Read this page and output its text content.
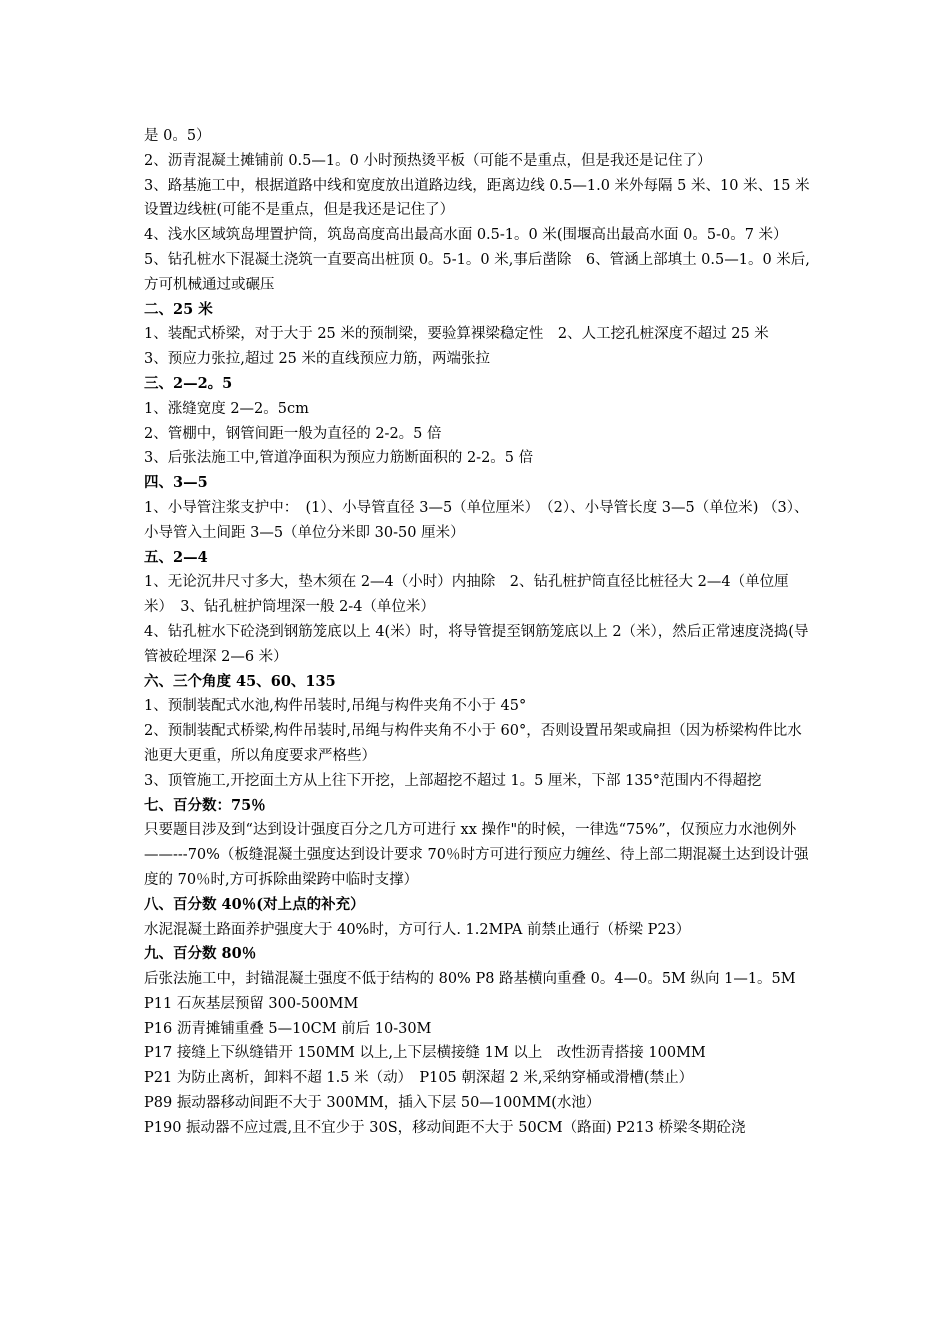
是 0。5）

2、沥青混凝土摊铺前 0.5—1。0 小时预热烫平板（可能不是重点，但是我还是记住了）

3、路基施工中，根据道路中线和宽度放出道路边线，距离边线 0.5—1.0 米外每隔 5 米、10 米、15 米设置边线桩(可能不是重点，但是我还是记住了）

4、浅水区域筑岛埋置护筒，筑岛高度高出最高水面 0.5-1。0 米(围堰高出最高水面 0。5-0。7 米）

5、钻孔桩水下混凝土浇筑一直要高出桩顶 0。5-1。0 米,事后凿除　6、管涵上部填土 0.5—1。0 米后,方可机械通过或碾压

二、25 米

1、装配式桥梁，对于大于 25 米的预制梁，要验算裸梁稳定性　2、人工挖孔桩深度不超过 25 米

3、预应力张拉,超过 25 米的直线预应力筋，两端张拉

三、2—2。5

1、涨缝宽度 2—2。5cm

2、管棚中，钢管间距一般为直径的 2-2。5 倍

3、后张法施工中,管道净面积为预应力筋断面积的 2-2。5 倍

四、3—5

1、小导管注浆支护中：　(1）、小导管直径 3—5（单位厘米）　（2）、小导管长度 3—5（单位米) （3）、小导管入土间距 3—5（单位分米即 30-50 厘米）

五、2—4

1、无论沉井尺寸多大，垫木须在 2—4（小时）内抽除　2、钻孔桩护筒直径比桩径大 2—4（单位厘米）　3、钻孔桩护筒埋深一般 2-4（单位米）

4、钻孔桩水下砼浇到钢筋笼底以上 4(米）时，将导管提至钢筋笼底以上 2（米），然后正常速度浇捣(导管被砼埋深 2—6 米）

六、三个角度 45、60、135

1、预制装配式水池,构件吊装时,吊绳与构件夹角不小于 45°

2、预制装配式桥梁,构件吊装时,吊绳与构件夹角不小于 60°，否则设置吊架或扁担（因为桥梁构件比水池更大更重，所以角度要求严格些）

3、顶管施工,开挖面土方从上往下开挖，上部超挖不超过 1。5 厘米，下部 135°范围内不得超挖

七、百分数：75％

只要题目涉及到“达到设计强度百分之几方可进行 xx 操作"的时候，一律选“75%”，仅预应力水池例外——---70%（板缝混凝土强度达到设计要求 70％时方可进行预应力缠丝、待上部二期混凝土达到设计强度的 70％时,方可拆除曲梁跨中临时支撑）

八、百分数 40％(对上点的补充）

水泥混凝土路面养护强度大于 40%时，方可行人. 1.2MPA 前禁止通行（桥梁 P23）

九、百分数 80％

后张法施工中，封锚混凝土强度不低于结构的 80% P8 路基横向重叠 0。4—0。5M 纵向 1—1。5M P11 石灰基层预留 300-500MM

P16 沥青摊铺重叠 5—10CM 前后 10-30M

P17 接缝上下纵缝错开 150MM 以上,上下层横接缝 1M 以上　改性沥青搭接 100MM

P21 为防止离析，卸料不超 1.5 米（动）　P105 朝深超 2 米,采纳穿桶或滑槽(禁止）

P89 振动器移动间距不大于 300MM，插入下层 50—100MM(水池）

P190 振动器不应过震,且不宜少于 30S，移动间距不大于 50CM（路面) P213 桥梁冬期砼浇
